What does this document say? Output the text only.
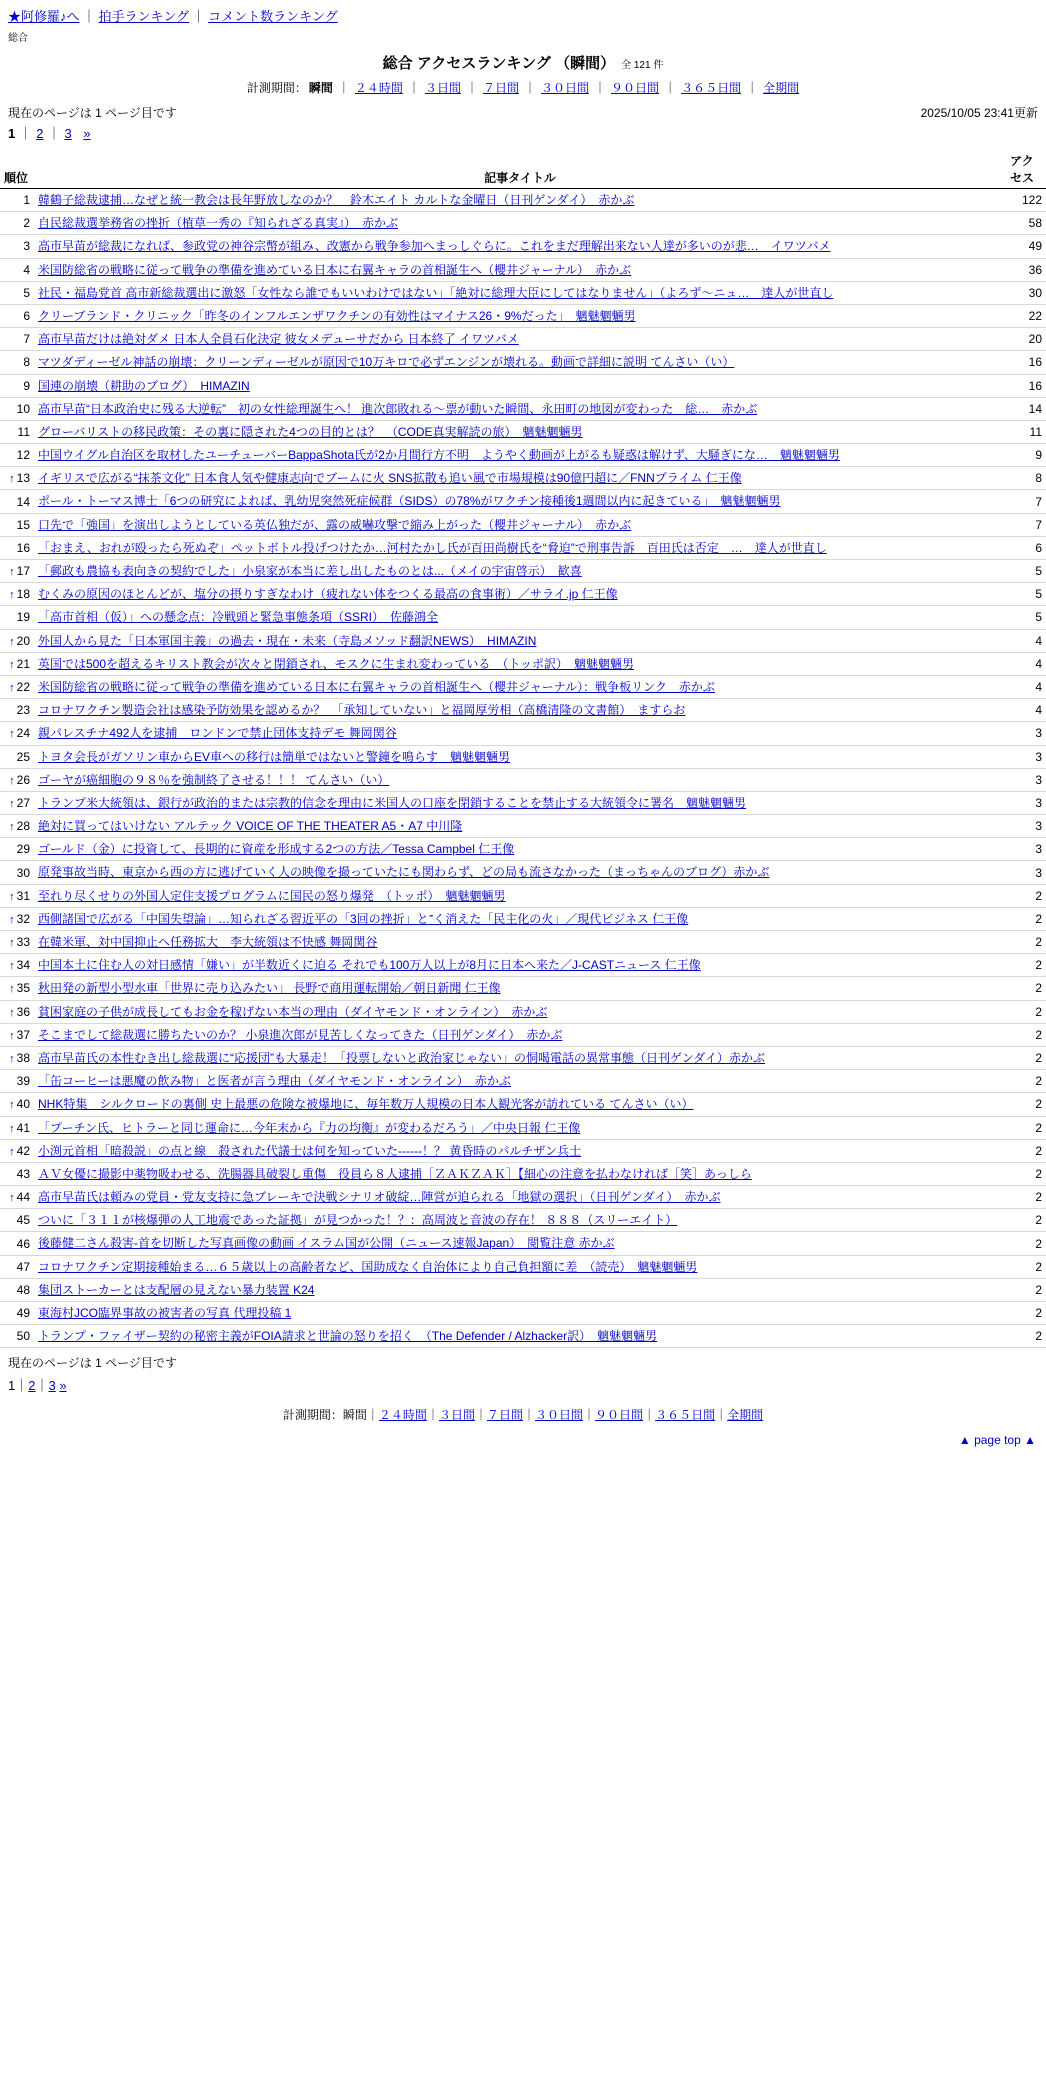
★阿修羅♪へ ｜ 拍手ランキング ｜ コメント数ランキング
総合
総合 アクセスランキング （瞬間） 全 121 件
計測期間： 瞬間 ｜ ２４時間 ｜ ３日間 ｜ ７日間 ｜ ３０日間 ｜ ９０日間 ｜ ３６５日間 ｜ 全期間
現在のページは 1 ページ目です	2025/10/05 23:41更新
1 ｜ 2 ｜ 3 »
順位	記事タイトル	アクセス
1	韓鶴子総裁逮捕…なぜと統一教会は長年野放しなのか？　鈴木エイト カルトな金曜日（日刊ゲンダイ）　赤かぶ	122
2	自民総裁選挙務省の挫折（植草一秀の『知られざる真実』）　赤かぶ	58
3	高市早苗が総裁になれば、参政党の神谷宗幣が組み、改憲から戦争参加へまっしぐらに。これをまだ理解出来ない人達が多いのが悲…　イワツバメ	49
4	米国防総省の戦略に従って戦争の準備を進めている日本に右翼キャラの首相誕生へ（櫻井ジャーナル）　赤かぶ	36
5	社民・福島党首 高市新総裁選出に激怒「女性なら誰でもいいわけではない」「絶対に総理大臣にしてはなりません」（よろず〜ニュ…　達人が世直し	30
6	クリーブランド・クリニック「昨冬のインフルエンザワクチンの有効性はマイナス26・9%だった」　魑魅魍魎男	22
7	高市早苗だけは絶対ダメ 日本人全員石化決定 彼女メデューサだから 日本終了 イワツバメ	20
8	マツダディーゼル神話の崩壊：クリーンディーゼルが原因で10万キロで必ずエンジンが壊れる。動画で詳細に説明 てんさい（い）	16
9	国連の崩壊（耕助のブログ）　HIMAZIN	16
10	高市早苗“日本政治史に残る大逆転”　初の女性総理誕生へ！ 進次郎敗れる〜票が動いた瞬間、永田町の地図が変わった　総…　赤かぶ	14
11	グローバリストの移民政策：その裏に隠された4つの目的とは？　（CODE真実解読の旅）　魑魅魍魎男	11
12	中国ウイグル自治区を取材したユーチューバーBappaShota氏が2か月間行方不明　ようやく動画が上がるも疑惑は解けず、大騒ぎにな…　魑魅魍魎男	9
↑ 13	イギリスで広がる“抹茶文化” 日本食人気や健康志向でブームに火 SNS拡散も追い風で市場規模は90億円超に／FNNプライム 仁王像	8
14	ポール・トーマス博士「6つの研究によれば、乳幼児突然死症候群（SIDS）の78%がワクチン接種後1週間以内に起きている」　魑魅魍魎男	7
15	口先で「強国」を演出しようとしている英仏独だが、露の威嚇攻撃で縮み上がった（櫻井ジャーナル）　赤かぶ	7
16	「おまえ、おれが殴ったら死ぬぞ」ペットボトル投げつけたか…河村たかし氏が百田尚樹氏を“脅迫”で刑事告訴　百田氏は否定　…　達人が世直し	6
↑ 17	「郵政も農協も表向きの契約でした」小泉家が本当に差し出したものとは...（メイの宇宙啓示）　歓喜	5
↑ 18	むくみの原因のほとんどが、塩分の摂りすぎなわけ（疲れない体をつくる最高の食事術）／サライ.jp 仁王像	5
19	「高市首相（仮）」への懸念点：冷戦頭と緊急事態条項（SSRI）　佐藤鴻全	5
↑ 20	外国人から見た「日本軍国主義」の過去・現在・未来（寺島メソッド翻訳NEWS）　HIMAZIN	4
↑ 21	英国では500を超えるキリスト教会が次々と閉鎖され、モスクに生まれ変わっている　（トッポ訳）　魑魅魍魎男	4
↑ 22	米国防総省の戦略に従って戦争の準備を進めている日本に右翼キャラの首相誕生へ（櫻井ジャーナル）：戦争板リンク　赤かぶ	4
23	コロナワクチン製造会社は感染予防効果を認めるか？　「承知していない」と福岡厚労相（高橋清隆の文書館）　ますらお	4
↑ 24	親パレスチナ492人を逮捕　ロンドンで禁止団体支持デモ 舞岡関谷	3
25	トヨタ会長がガソリン車からEV車への移行は簡単ではないと警鐘を鳴らす　魑魅魍魎男	3
↑ 26	ゴーヤが癌細胞の９８％を強制終了させる！！！ てんさい（い）	3
↑ 27	トランプ米大統領は、銀行が政治的または宗教的信念を理由に米国人の口座を閉鎖することを禁止する大統領令に署名　魑魅魍魎男	3
↑ 28	絶対に買ってはいけない アルテック VOICE OF THE THEATER A5・A7 中川隆	3
29	ゴールド（金）に投資して、長期的に資産を形成する2つの方法／Tessa Campbel 仁王像	3
30	原発事故当時、東京から西の方に逃げていく人の映像を撮っていたにも関わらず、どの局も流さなかった（まっちゃんのブログ）赤かぶ	3
↑ 31	至れり尽くせりの外国人定住支援プログラムに国民の怒り爆発　（トッポ）　魑魅魍魎男	2
↑ 32	西側諸国で広がる「中国失望論」…知られざる習近平の「3回の挫折」と־く消えた「民主化の火」／現代ビジネス 仁王像	2
↑ 33	在韓米軍、対中国抑止へ任務拡大　李大統領は不快感 舞岡関谷	2
↑ 34	中国本土に住む人の対日感情「嫌い」が半数近くに迫る それでも100万人以上が8月に日本へ来た／J-CASTニュース 仁王像	2
↑ 35	秋田発の新型小型水車「世界に売り込みたい」 長野で商用運転開始／朝日新聞 仁王像	2
↑ 36	貧困家庭の子供が成長してもお金を稼げない本当の理由（ダイヤモンド・オンライン）　赤かぶ	2
↑ 37	そこまでして総裁選に勝ちたいのか？ 小泉進次郎が見苦しくなってきた（日刊ゲンダイ）　赤かぶ	2
↑ 38	高市早苗氏の本性むき出し総裁選に“応援団”も大暴走！「投票しないと政治家じゃない」の恫喝電話の異常事態（日刊ゲンダイ）赤かぶ	2
39	「缶コーヒーは悪魔の飲み物」と医者が言う理由（ダイヤモンド・オンライン）　赤かぶ	2
↑ 40	NHK特集　シルクロードの裏側 史上最悪の危険な被爆地に、毎年数万人規模の日本人観光客が訪れている てんさい（い）	2
↑ 41	「プーチン氏、ヒトラーと同じ運命に…今年末から『力の均衡』が変わるだろう」／中央日報 仁王像	2
↑ 42	小渕元首相「暗殺説」の点と線　殺された代議士は何を知っていた------！？ 黄昏時のパルチザン兵士	2
43	ＡＶ女優に撮影中薬物吸わせる、洗腸器具破裂し重傷　役員ら８人逮捕［ＺＡＫＺＡＫ］【細心の注意を払わなければ［笑］あっしら	2
↑ 44	高市早苗氏は頼みの党員・党友支持に急ブレーキで決戦シナリオ破綻…陣営が迫られる「地獄の選択」（日刊ゲンダイ）　赤かぶ	2
45	ついに「３１１が核爆弾の人工地震であった証拠」が見つかった！？：高周波と音波の存在！ ８８８（スリーエイト）	2
46	後藤健二さん殺害-首を切断した写真画像の動画 イスラム国が公開（ニュース速報Japan）　閲覧注意 赤かぶ	2
47	コロナワクチン定期接種始まる…６５歳以上の高齢者など、国助成なく自治体により自己負担額に差　（読売）　魑魅魍魎男	2
48	集団ストーカーとは支配層の見えない暴力装置 K24	2
49	東海村JCO臨界事故の被害者の写真 代理投稿 1	2
50	トランプ・ファイザー契約の秘密主義がFOIA請求と世論の怒りを招く　（The Defender / Alzhacker訳）　魑魅魍魎男	2
現在のページは 1 ページ目です
1｜2｜3 »
計測期間：瞬間｜２４時間｜３日間｜７日間｜３０日間｜９０日間｜３６５日間｜全期間
▲ page top ▲
